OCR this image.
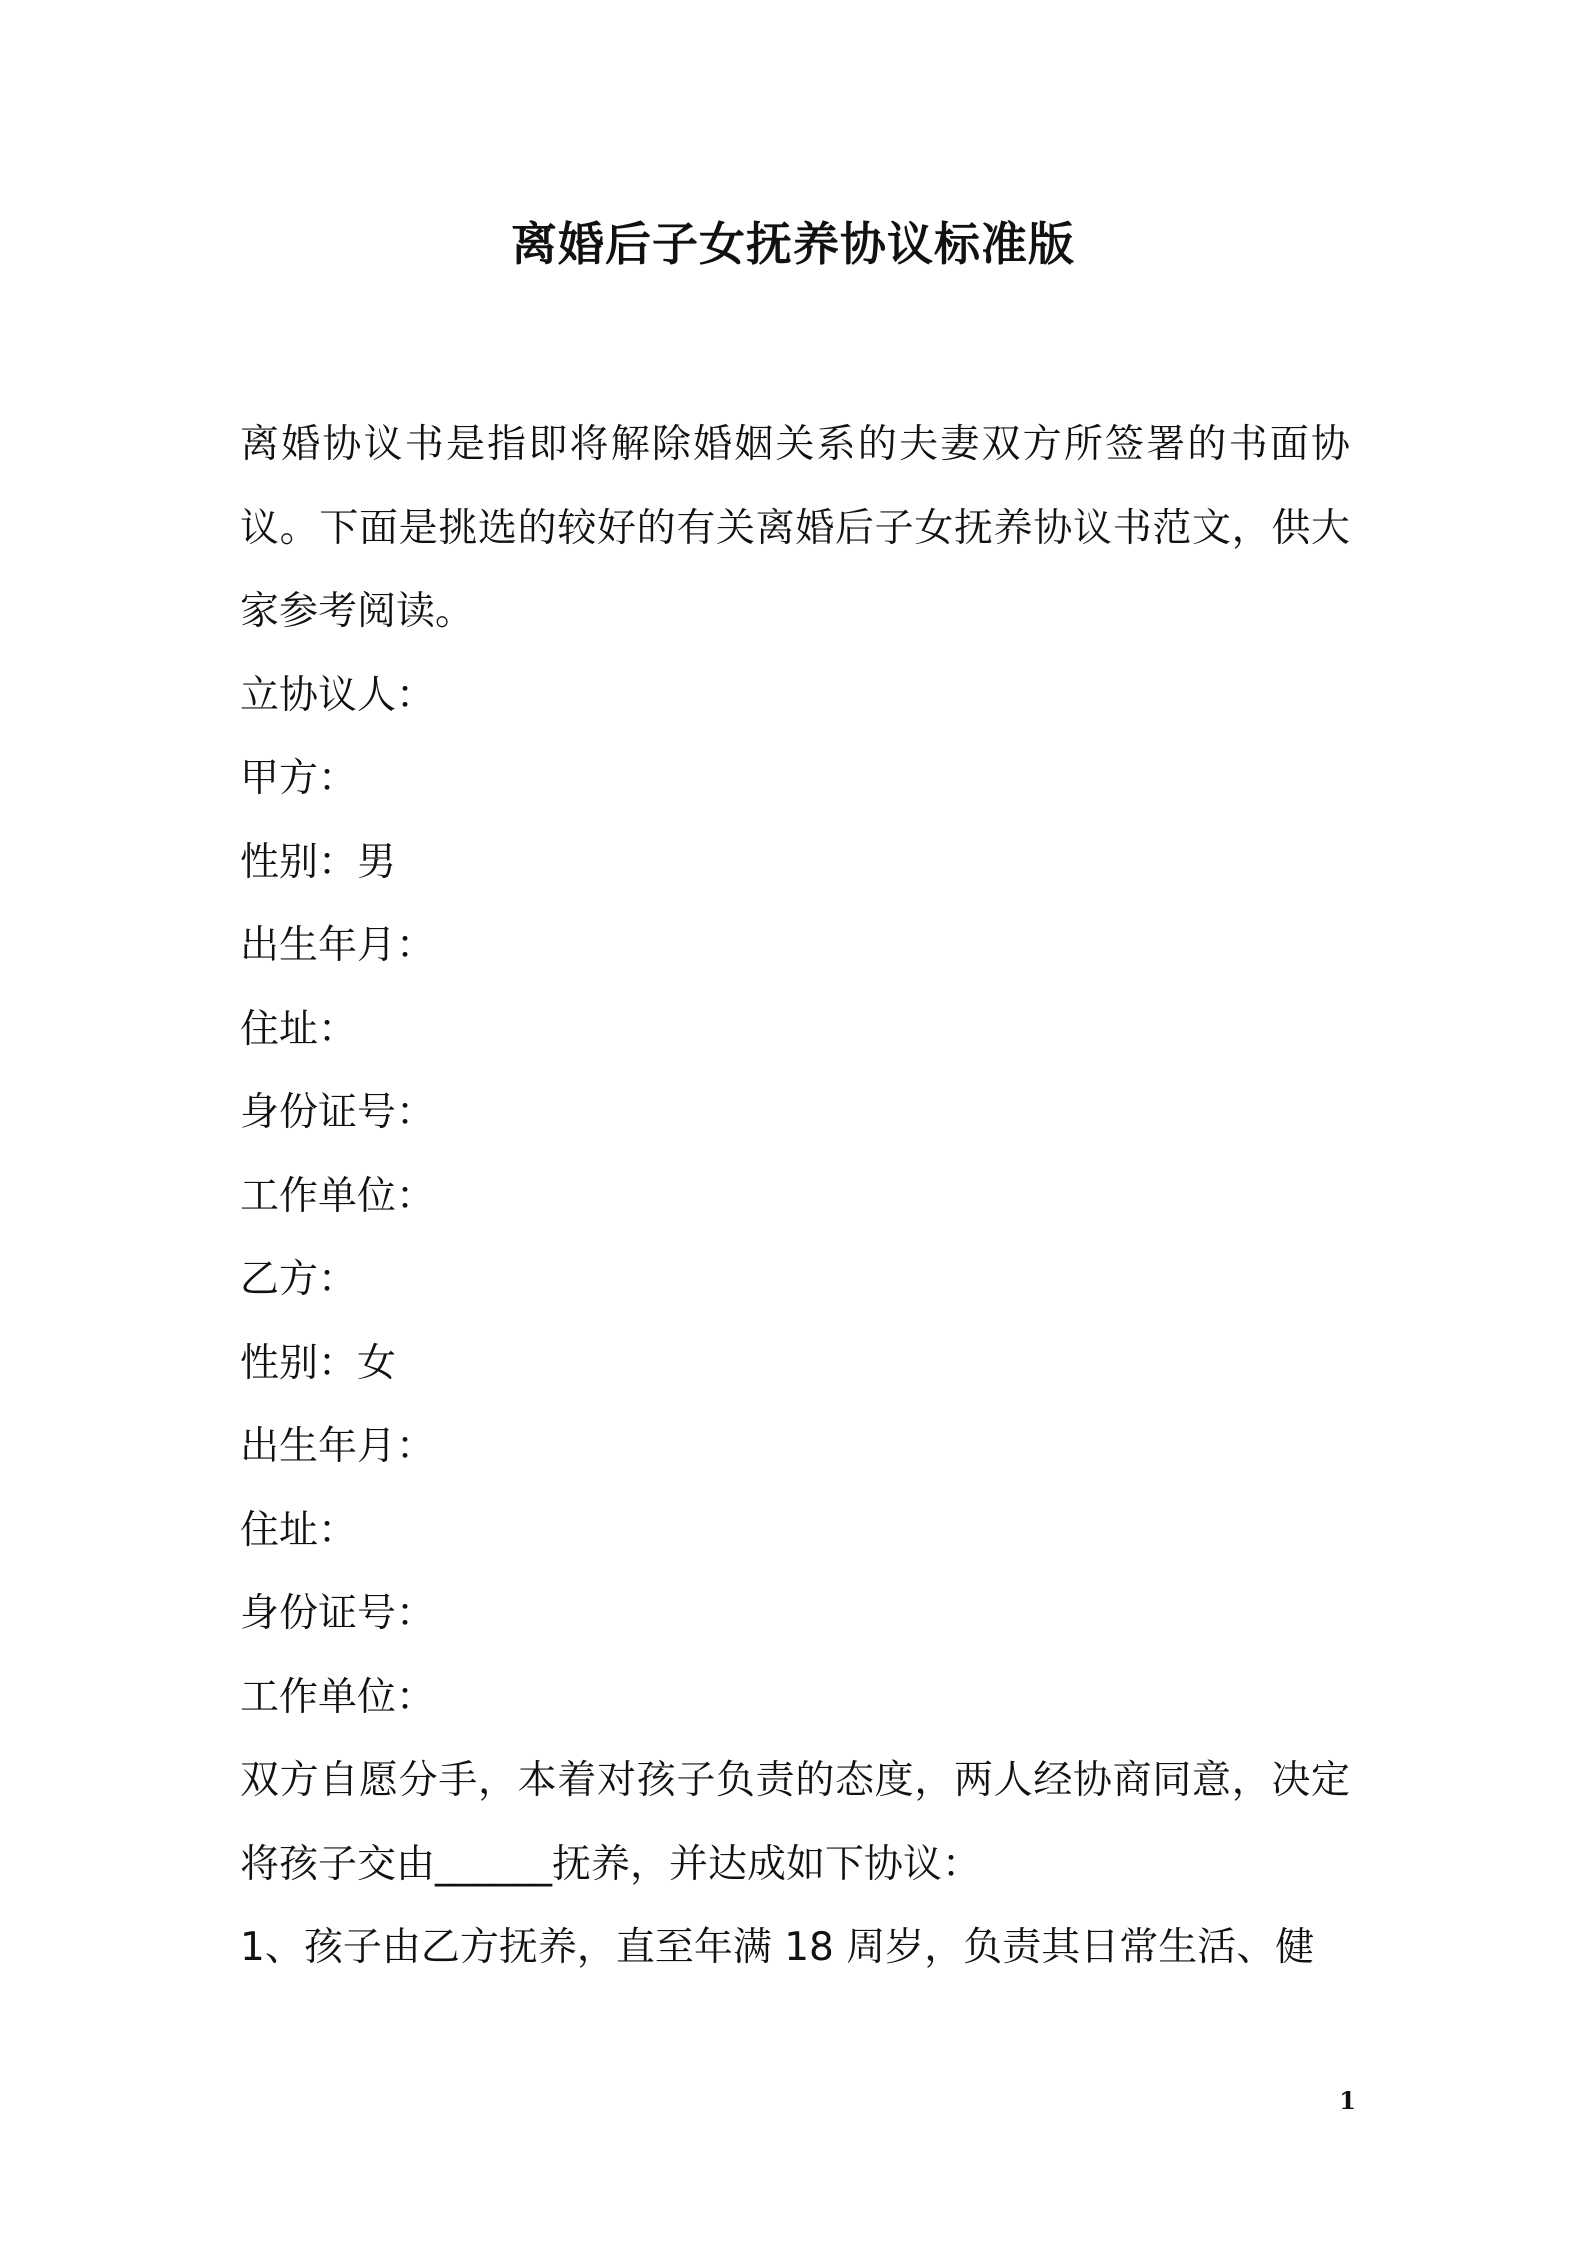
离婚后子女抚养协议标准版

离婚协议书是指即将解除婚姻关系的夫妻双方所签署的书面协议。下面是挑选的较好的有关离婚后子女抚养协议书范文，供大家参考阅读。

立协议人：

甲方：

性别：男

出生年月：

住址：

身份证号：

工作单位：

乙方：

性别：女

出生年月：

住址：

身份证号：

工作单位：

双方自愿分手，本着对孩子负责的态度，两人经协商同意，决定将孩子交由______抚养，并达成如下协议：

1、孩子由乙方抚养，直至年满 18 周岁，负责其日常生活、健

1
